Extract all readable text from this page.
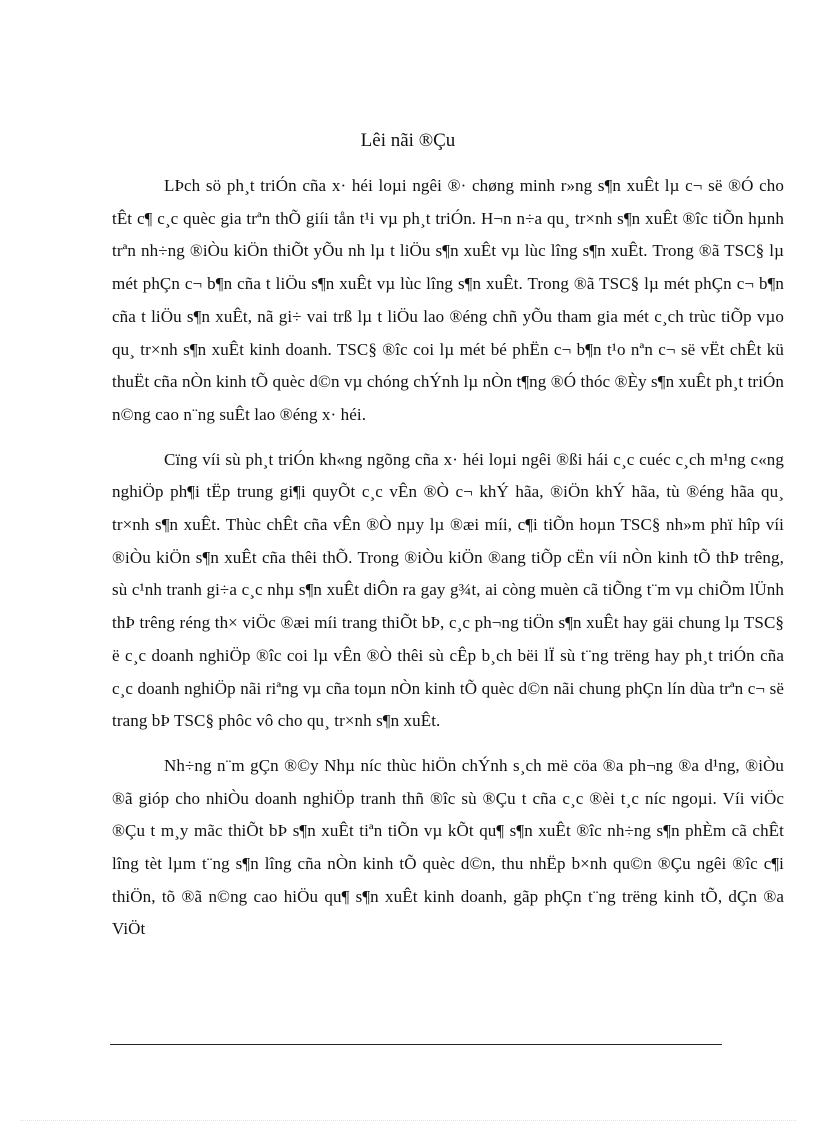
Lêi nãi ®Çu

LÞch sö ph¸t triÓn cña x· héi loµi ngêi ®· chøng minh r»ng s¶n xuÊt lµ c¬ së ®Ó cho tÊt c¶ c¸c quèc gia trªn thÕ giíi tån t¹i vµ ph¸t triÓn. H¬n n÷a qu¸ tr×nh s¶n xuÊt ®îc tiÕn hµnh trªn nh÷ng ®iÒu kiÖn thiÕt yÕu nh lµ t liÖu s¶n xuÊt vµ lùc lîng s¶n xuÊt. Trong ®ã TSC§ lµ mét phÇn c¬ b¶n cña t liÖu s¶n xuÊt vµ lùc lîng s¶n xuÊt. Trong ®ã TSC§ lµ mét phÇn c¬ b¶n cña t liÖu s¶n xuÊt, nã gi÷ vai trß lµ t liÖu lao ®éng chñ yÕu tham gia mét c¸ch trùc tiÕp vµo qu¸ tr×nh s¶n xuÊt kinh doanh. TSC§ ®îc coi lµ mét bé phËn c¬ b¶n t¹o nªn c¬ së vËt chÊt kü thuËt cña nÒn kinh tÕ quèc d©n vµ chóng chÝnh lµ nÒn t¶ng ®Ó thóc ®Èy s¶n xuÊt ph¸t triÓn n©ng cao n¨ng suÊt lao ®éng x· héi.

Cïng víi sù ph¸t triÓn kh«ng ngõng cña x· héi loµi ngêi ®ßi hái c¸c cuéc c¸ch m¹ng c«ng nghiÖp ph¶i tËp trung gi¶i quyÕt c¸c vÊn ®Ò c¬ khÝ hãa, ®iÖn khÝ hãa, tù ®éng hãa qu¸ tr×nh s¶n xuÊt. Thùc chÊt cña vÊn ®Ò nµy lµ ®æi míi, c¶i tiÕn hoµn TSC§ nh»m phï hîp víi ®iÒu kiÖn s¶n xuÊt cña thêi thÕ. Trong ®iÒu kiÖn ®ang tiÕp cËn víi nÒn kinh tÕ thÞ trêng, sù c¹nh tranh gi÷a c¸c nhµ s¶n xuÊt diÔn ra gay g¾t, ai còng muèn cã tiÕng t¨m vµ chiÕm lÜnh thÞ trêng réng th× viÖc ®æi míi trang thiÕt bÞ, c¸c ph¬ng tiÖn s¶n xuÊt hay gäi chung lµ TSC§ ë c¸c doanh nghiÖp ®îc coi lµ vÊn ®Ò thêi sù cÊp b¸ch bëi lÏ sù t¨ng trëng hay ph¸t triÓn cña c¸c doanh nghiÖp nãi riªng vµ cña toµn nÒn kinh tÕ quèc d©n nãi chung phÇn lín dùa trªn c¬ së trang bÞ TSC§ phôc vô cho qu¸ tr×nh s¶n xuÊt.

Nh÷ng n¨m gÇn ®©y Nhµ níc thùc hiÖn chÝnh s¸ch më cöa ®a ph¬ng ®a d¹ng, ®iÒu ®ã gióp cho nhiÒu doanh nghiÖp tranh thñ ®îc sù ®Çu t cña c¸c ®èi t¸c níc ngoµi. Víi viÖc ®Çu t m¸y mãc thiÕt bÞ s¶n xuÊt tiªn tiÕn vµ kÕt qu¶ s¶n xuÊt ®îc nh÷ng s¶n phÈm cã chÊt lîng tèt lµm t¨ng s¶n lîng cña nÒn kinh tÕ quèc d©n, thu nhËp b×nh qu©n ®Çu ngêi ®îc c¶i thiÖn, tõ ®ã n©ng cao hiÖu qu¶ s¶n xuÊt kinh doanh, gãp phÇn t¨ng trëng kinh tÕ, dÇn ®a ViÖt
